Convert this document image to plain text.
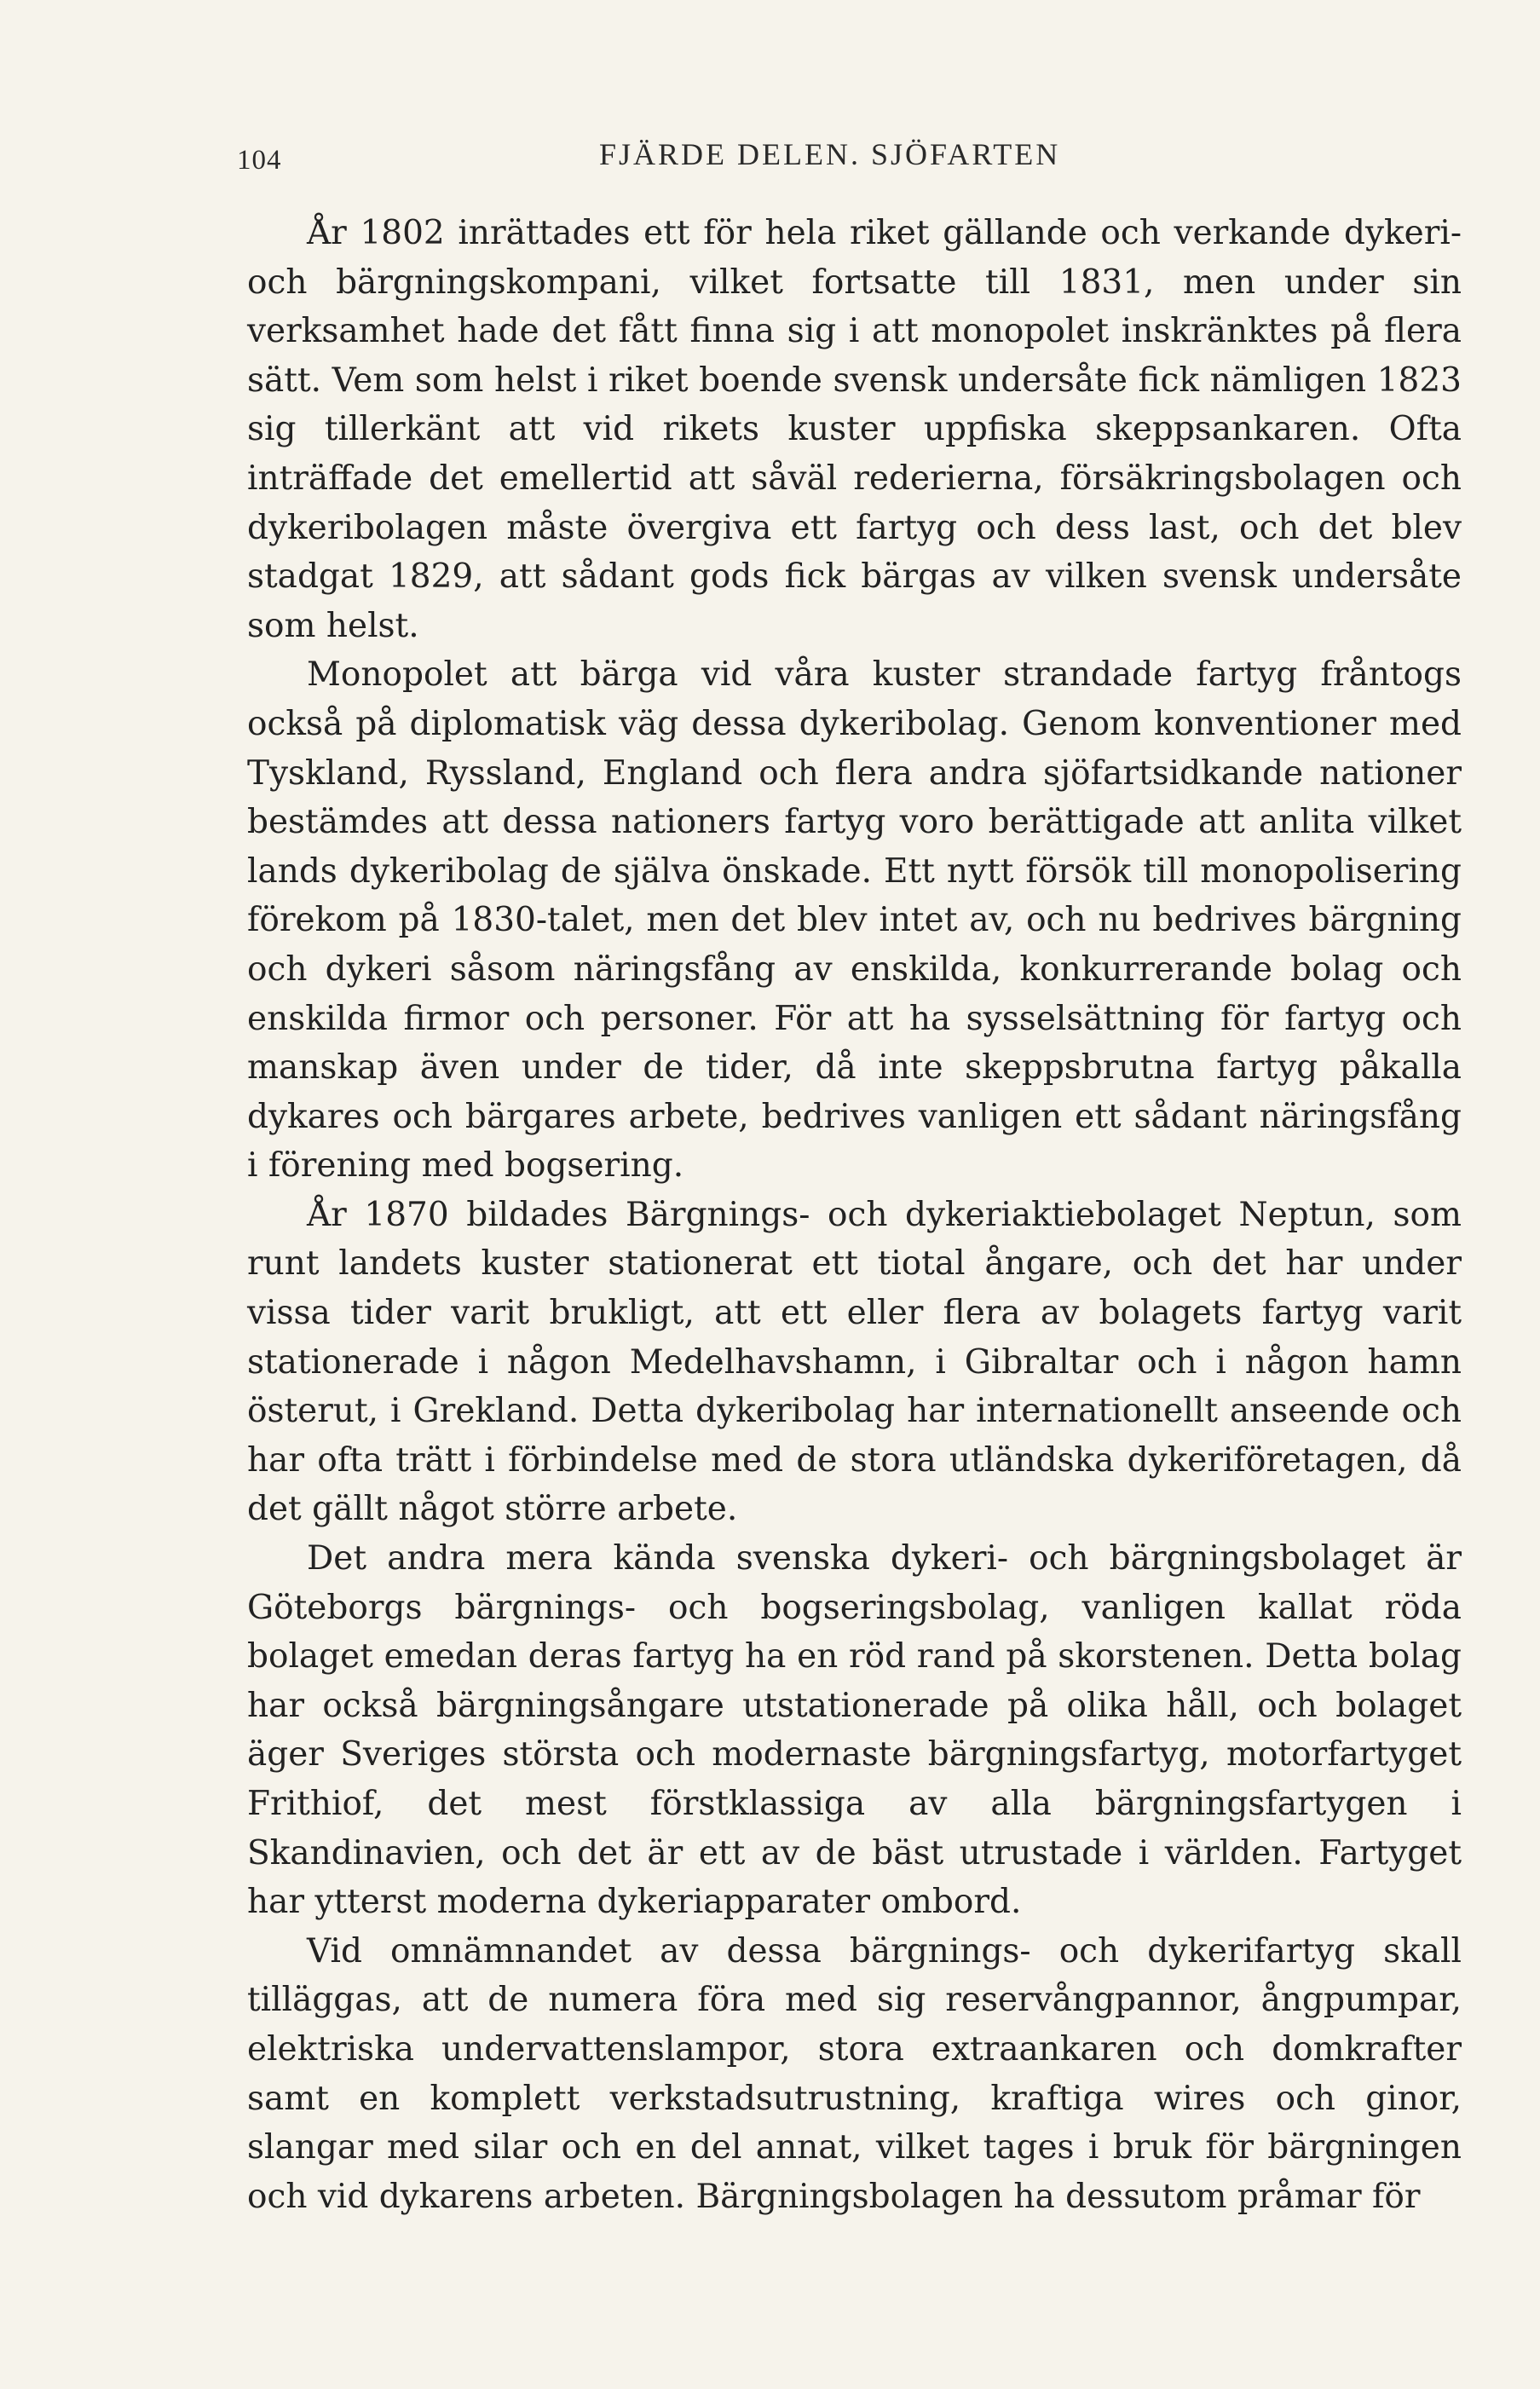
104	FJÄRDE DELEN. SJÖFARTEN

År 1802 inrättades ett för hela riket gällande och verkande dykeri- och bärgningskompani, vilket fortsatte till 1831, men under sin verksamhet hade det fått finna sig i att monopolet inskränktes på flera sätt. Vem som helst i riket boende svensk undersåte fick nämligen 1823 sig tillerkänt att vid rikets kuster uppfiska skeppsankaren. Ofta inträffade det emellertid att såväl rederierna, försäkringsbolagen och dykeribolagen måste övergiva ett fartyg och dess last, och det blev stadgat 1829, att sådant gods fick bärgas av vilken svensk undersåte som helst.

Monopolet att bärga vid våra kuster strandade fartyg fråntogs också på diplomatisk väg dessa dykeribolag. Genom konventioner med Tyskland, Ryssland, England och flera andra sjöfartsidkande nationer bestämdes att dessa nationers fartyg voro berättigade att anlita vilket lands dykeribolag de själva önskade. Ett nytt försök till monopolisering förekom på 1830-talet, men det blev intet av, och nu bedrives bärgning och dykeri såsom näringsfång av enskilda, konkurrerande bolag och enskilda firmor och personer. För att ha sysselsättning för fartyg och manskap även under de tider, då inte skeppsbrutna fartyg påkalla dykares och bärgares arbete, bedrives vanligen ett sådant näringsfång i förening med bogsering.

År 1870 bildades Bärgnings- och dykeriaktiebolaget Neptun, som runt landets kuster stationerat ett tiotal ångare, och det har under vissa tider varit brukligt, att ett eller flera av bolagets fartyg varit stationerade i någon Medelhavshamn, i Gibraltar och i någon hamn österut, i Grekland. Detta dykeribolag har internationellt anseende och har ofta trätt i förbindelse med de stora utländska dykeriföretagen, då det gällt något större arbete.

Det andra mera kända svenska dykeri- och bärgningsbolaget är Göteborgs bärgnings- och bogseringsbolag, vanligen kallat röda bolaget emedan deras fartyg ha en röd rand på skorstenen. Detta bolag har också bärgningsångare utstationerade på olika håll, och bolaget äger Sveriges största och modernaste bärgningsfartyg, motorfartyget Frithiof, det mest förstklassiga av alla bärgningsfartygen i Skandinavien, och det är ett av de bäst utrustade i världen. Fartyget har ytterst moderna dykeriapparater ombord.

Vid omnämnandet av dessa bärgnings- och dykerifartyg skall tilläggas, att de numera föra med sig reservångpannor, ångpumpar, elektriska undervattenslampor, stora extraankaren och domkrafter samt en komplett verkstadsutrustning, kraftiga wires och ginor, slangar med silar och en del annat, vilket tages i bruk för bärgningen och vid dykarens arbeten. Bärgningsbolagen ha dessutom pråmar för
